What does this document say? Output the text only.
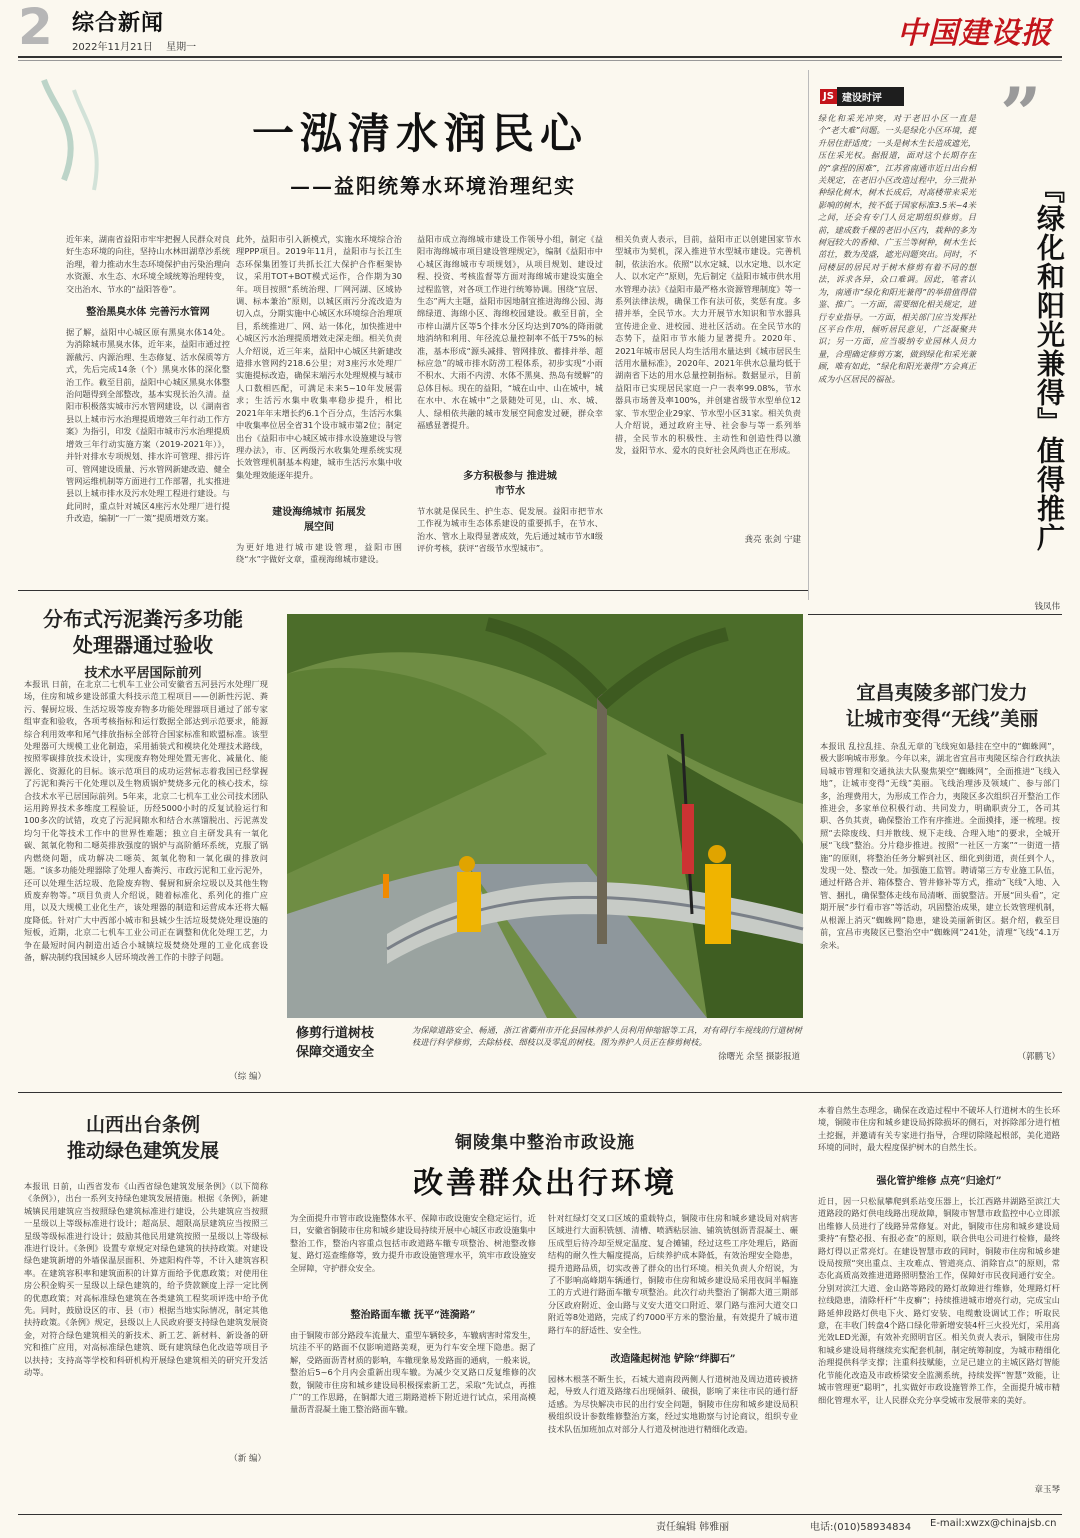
2 综合新闻
2022年11月21日 星期一	中国建设报
一泓清水润民心
——益阳统筹水环境治理纪实
近年来，湖南省益阳市牢牢把握人民群众对良好生态环境的向往，坚持山水林田湖草沙系统治理，着力推动水生态环境保护由污染治理向水资源、水生态、水环境全域统筹治理转变，交出治水、节水的“益阳答卷”。
整治黑臭水体 完善污水管网
据了解，益阳中心城区原有黑臭水体14处。为消除城市黑臭水体，近年来，益阳市通过控源截污、内源治理、生态修复、活水保质等方式，先后完成14条（个）黑臭水体的深化整治工作。截至目前，益阳中心城区黑臭水体整治问题得到全部整改，基本实现长治久清。益阳市积极落实城市污水管网建设，以《湖南省县以上城市污水治理提质增效三年行动工作方案》为指引，印发《益阳市城市污水治理提质增效三年行动实施方案（2019-2021年）》，并针对排水专项规划、排水许可管理、排污许可、管网建设质量、污水管网新建改造、健全管网运维机制等方面进行工作部署，扎实推进县以上城市排水及污水处理工程进行建设。与此同时，重点针对城区4座污水处理厂进行提升改造，编制“一厂一策”提质增效方案。
此外，益阳市引入新模式，实施水环境综合治理PPP项目。2019年11月，益阳市与长江生态环保集团签订共抓长江大保护合作框架协议，采用TOT+BOT模式运作，合作期为30年。项目按照“系统治理、厂网河湖、区域协调、标本兼治”原则，以城区雨污分流改造为切入点，分期实施中心城区水环境综合治理项目，系统推进厂、网、站一体化，加快推进中心城区污水治理提质增效走深走细。相关负责人介绍说，近三年来，益阳中心城区共新建改造排水管网约218.6公里；对3座污水处理厂实施提标改造，确保末端污水处理规模与城市人口数相匹配，可满足未来5~10年发展需求；生活污水集中收集率稳步提升，相比2021年年末增长约6.1个百分点，生活污水集中收集率位居全省31个设市城市第2位；制定出台《益阳市中心城区城市排水设施建设与管理办法》，市、区两级污水收集处理系统实现长效管理机制基本构建，城市生活污水集中收集处理效能逐年提升。
建设海绵城市 拓展发展空间
为更好地进行城市建设管理，益阳市围绕“水”字做好文章，重视海绵城市建设。
益阳市成立海绵城市建设工作领导小组，制定《益阳市海绵城市项目建设管理规定》，编制《益阳市中心城区海绵城市专项规划》，从项目规划、建设过程、投资、考核监督等方面对海绵城市建设实施全过程监管，对各项工作进行统筹协调。围绕“宜居、生态”两大主题，益阳市因地制宜推进海绵公园、海绵绿道、海绵小区、海绵校园建设。截至目前，全市梓山湖片区等5个排水分区均达到70%的降雨就地消纳和利用、年径流总量控制率不低于75%的标准，基本形成“源头减排、管网排放、蓄排并举、超标应急”的城市排水防涝工程体系，初步实现“小雨不积水、大雨不内涝、水体不黑臭、热岛有缓解”的总体目标。现在的益阳，“城在山中、山在城中，城在水中、水在城中”之景随处可见，山、水、城、人、绿相依共融的城市发展空间愈发过硬，群众幸福感显著提升。
多方积极参与 推进城市节水
节水就是保民生、护生态、促发展。益阳市把节水工作视为城市生态体系建设的重要抓手，在节水、治水、管水上取得显著成效，先后通过城市节水Ⅱ级评价考核，获评“省级节水型城市”。
相关负责人表示，目前，益阳市正以创建国家节水型城市为契机，深入推进节水型城市建设。完善机制，依法治水。依照“以水定城、以水定地、以水定人、以水定产”原则，先后制定《益阳市城市供水用水管理办法》《益阳市最严格水资源管理制度》等一系列法律法规，确保工作有法可依，奖惩有度。多措并举，全民节水。大力开展节水知识和节水器具宣传进企业、进校园、进社区活动。在全民节水的态势下，益阳市节水能力显著提升。2020年、2021年城市居民人均生活用水量达到《城市居民生活用水量标准》，2020年、2021年供水总量均低于湖南省下达的用水总量控制指标。数据显示，目前益阳市已实现居民家庭一户一表率99.08%，节水器具市场普及率100%，并创建省级节水型单位12家、节水型企业29家、节水型小区31家。相关负责人介绍说，通过政府主导、社会参与等一系列举措，全民节水的积极性、主动性和创造性得以激发，益阳节水、爱水的良好社会风尚也正在形成。
龚亮 张剑 宁建
JS 建设时评	”
绿化和采光冲突，对于老旧小区一直是个“老大难”问题。一头是绿化小区环境，提升居住舒适度；一头是树木生长造成遮光，压住采光权。据报道，面对这个长期存在的“拿捏的困难”，江苏省南通市近日出台相关规定，在老旧小区改造过程中，分三批补种绿化树木，树木长成后，对高楼带来采光影响的树木，按不低于国家标准3.5米~4米之间，还会有专门人员定期组织修剪。目前，建成数千棵的老旧小区内，栽种的多为树冠较大的香樟、广玉兰等树种，树木生长茁壮，数为茂盛，遮光问题突出。同时，不同楼层的居民对于树木修剪有着不同的想法，诉求各异，众口难调。因此，笔者认为，南通市“绿化和阳光兼得”的举措值得借鉴、推广。一方面，需要细化相关规定，进行专业指导。一方面，相关部门应当发挥社区平台作用，倾听居民意见，广泛凝聚共识；另一方面，应当吸纳专业园林人员力量，合理确定修剪方案，做到绿化和采光兼顾，唯有如此，“绿化和阳光兼得”方会真正成为小区居民的福祉。	『绿化和阳光兼得』值得推广
钱凤伟
分布式污泥粪污多功能
处理器通过验收
技术水平居国际前列
本报讯 日前，在北京二七机车工业公司安徽省五河县污水处理厂现场，住房和城乡建设部重大科技示范工程项目——创新性污泥、粪污、餐厨垃圾、生活垃圾等废弃物多功能处理器项目通过了部专家组审查和验收，各项考核指标和运行数据全部达到示范要求，能源综合利用效率和尾气排放指标全部符合国家标准和欧盟标准。该型处理器可大规模工业化制造，采用插装式和模块化处理技术路线，按照零碳排放技术设计，实现废弃物处理处置无害化、减量化、能源化、资源化的目标。该示范项目的成功运营标志着我国已经掌握了污泥和粪污干化处理以及生物质锅炉焚烧多元化的核心技术，综合技术水平已居国际前列。5年来，北京二七机车工业公司技术团队运用跨界技术多维度工程验证，历经5000小时的反复试验运行和100多次的试错，攻克了污泥间隙水和结合水蒸馏脱出、污泥蒸发均匀干化等技术工作中的世界性难题；独立自主研发具有一氧化碳、氮氧化物和二噁英排放强度的锅炉与高阶循环系统，克服了锅内燃烧问题，成功解决二噁英、氮氧化物和一氧化碳的排放问题。“该多功能处理器除了处理人畜粪污、市政污泥和工业污泥外，还可以处理生活垃圾、危险废弃物、餐厨和厨余垃圾以及其他生物质废弃物等。”项目负责人介绍说，随着标准化、系列化的推广应用，以及大规模工业化生产，该处理器的制造和运营成本还将大幅度降低。针对广大中西部小城市和县城少生活垃圾焚烧处理设施的短板，近期，北京二七机车工业公司正在调整和优化处理工艺，力争在最短时间内制造出适合小城镇垃圾焚烧处理的工业化成套设备，解决制约我国城乡人居环境改善工作的卡脖子问题。
（综 编）
修剪行道树枝
保障交通安全
为保障道路安全、畅通，浙江省衢州市开化县园林养护人员利用伸缩锯等工具，对有碍行车视线的行道树树枝进行科学修剪，去除枯枝、细枝以及零乱的树枝。图为养护人员正在修剪树枝。
徐曙光 余坚 摄影报道
宜昌夷陵多部门发力
让城市变得“无线”美丽
本报讯 乱拉乱挂、杂乱无章的飞线宛如悬挂在空中的“蜘蛛网”，极大影响城市形象。今年以来，湖北省宜昌市夷陵区综合行政执法局城市管理和交通执法大队聚焦架空“蜘蛛网”，全面推进“飞线入地”，让城市变得“无线”美丽。飞线治理涉及领域广、参与部门多，治理费用大，为形成工作合力，夷陵区多次组织召开整治工作推进会，多家单位积极行动、共同发力，明确职责分工，各司其职、各负其责，确保整治工作有序推进。全面摸排，逐一梳理。按照“去除废线、归并散线、规下走线、合理入地”的要求，全城开展“飞线”整治。分片稳步推进。按照“一社区一方案”“一街道一措施”的原则，将整治任务分解到社区、细化到街道，责任到个人，发现一处、整改一处。加强施工监管。聘请第三方专业施工队伍，通过杆路合并、箱体整合、管井修补等方式，推动“飞线”入地、入管、捆扎，确保整体走线布局清晰、面貌整洁。开展“回头看”，定期开展“步行看市容”等活动，巩固整治成果，建立长效管理机制，从根源上消灭“蜘蛛网”隐患，建设美丽新街区。据介绍，截至目前，宜昌市夷陵区已整治空中“蜘蛛网”241处，清理“飞线”4.1万余米。
（郭鹏飞）
山西出台条例
推动绿色建筑发展
本报讯 日前，山西省发布《山西省绿色建筑发展条例》（以下简称《条例》），出台一系列支持绿色建筑发展措施。根据《条例》，新建城镇民用建筑应当按照绿色建筑标准进行建设，公共建筑应当按照一星级以上等级标准进行设计；超高层、超限高层建筑应当按照三星级等级标准进行设计；鼓励其他民用建筑按照一星级以上等级标准进行设计。《条例》设置专章规定对绿色建筑的扶持政策。对建设绿色建筑新增的外墙保温层面积、外遮阳构件等，不计入建筑容积率。在建筑容积率和建筑面积的计算方面给予优惠政策；对使用住房公积金购买一星级以上绿色建筑的，给予贷款额度上浮一定比例的优惠政策；对高标准绿色建筑在各类建筑工程奖项评选中给予优先。同时，鼓励设区的市、县（市）根据当地实际情况，制定其他扶持政策。《条例》规定，县级以上人民政府要支持绿色建筑发展资金，对符合绿色建筑相关的新技术、新工艺、新材料、新设备的研究和推广应用，对高标准绿色建筑、既有建筑绿色化改造等项目予以扶持；支持高等学校和科研机构开展绿色建筑相关的研究开发活动等。
（新 编）
铜陵集中整治市政设施
改善群众出行环境
为全面提升市管市政设施整体水平、保障市政设施安全稳定运行，近日，安徽省铜陵市住房和城乡建设局持续开展中心城区市政设施集中整治工作，整治内容重点包括市政道路车辙专项整治、树池整改修复、路灯巡查维修等，致力提升市政设施管理水平，筑牢市政设施安全屏障，守护群众安全。
整治路面车辙 抚平“涟漪路”
由于铜陵市部分路段车流量大、重型车辆较多，车辙病害时常发生，坑洼不平的路面不仅影响道路美观，更为行车安全埋下隐患。据了解，受路面沥青材质的影响，车辙现象易发路面的通病，一般来说，整治后5~6个月内会重新出现车辙。为减少交叉路口反复维修的次数，铜陵市住房和城乡建设局积极探索新工艺，采取“先试点，再推广”的工作思路，在铜都大道三期路道桥下附近进行试点，采用高模量沥青混凝土施工整治路面车辙。
针对红绿灯交叉口区域的重载特点，铜陵市住房和城乡建设局对病害区域进行大面积铣刨、清槽、喷洒粘层油、铺筑铣刨沥青混凝土、碾压成型后待冷却至规定温度、复合摊铺，经过这些工序处理后，路面结构的耐久性大幅度提高，后续养护成本降低，有效治理安全隐患，提升道路品质，切实改善了群众的出行环境。相关负责人介绍说，为了不影响高峰期车辆通行，铜陵市住房和城乡建设局采用夜间半幅施工的方式进行路面车辙专项整治。此次行动共整治了铜都大道三期部分区政府附近、金山路与义安大道交口附近、翠门路与淮河大道交口附近等8处道路，完成了约7000平方米的整治量，有效提升了城市道路行车的舒适性、安全性。
改造隆起树池 铲除“绊脚石”
园林木根茎不断生长，石城大道南段两侧人行道树池及周边道砖被挤起，导致人行道及路缘石出现倾斜、破损，影响了来往市民的通行舒适感。为尽快解决市民的出行安全问题，铜陵市住房和城乡建设局积极组织设计参数维修整治方案，经过实地勘察与讨论商议，组织专业技术队伍加班加点对部分人行道及树池进行精细化改造。
本着自然生态理念，确保在改造过程中不破坏人行道树木的生长环境，铜陵市住房和城乡建设局拆除损坏的侧石，对拆除部分进行植土挖掘，并邀请有关专家进行指导，合理切除隆起根部，美化道路环境的同时，最大程度保护树木的自然生长。
强化管护维修 点亮“归途灯”
近日，因一只松鼠攀爬到系站变压器上，长江西路井湖路至滨江大道路段的路灯供电线路出现故障，铜陵市智慧市政监控中心立即派出维修人员进行了线路异常修复。对此，铜陵市住房和城乡建设局秉持“有整必报、有报必查”的原则，联合供电公司进行检修，最终路灯得以正常亮灯。在建设智慧市政的同时，铜陵市住房和城乡建设局按照“突出重点、主攻难点、管道亮点、消除盲点”的原则，常态化高质高效推进道路照明整治工作，保障好市民夜间通行安全。分别对滨江大道、金山路等路段的路灯故障进行维修，处理路灯杆拉线隐患，清除杆杆“牛皮癣”；持续推进城市增亮行动，完成宝山路延伸段路灯供电下火、路灯安装、电缆敷设调试工作；听取民意，在丰收门转盘4个路口绿化带新增安装4杆三火投光灯，采用高光效LED光源，有效补充照明盲区。相关负责人表示，铜陵市住房和城乡建设局将继续充实配套机制，制定统筹制度，为城市精细化治理提供科学支撑；注重科技赋能，立足已建立的主城区路灯智能化节能化改造及市政桥梁安全监测系统，持续发挥“智慧”效能，让城市管理更“聪明”，扎实做好市政设施管养工作，全面提升城市精细化管理水平，让人民群众充分享受城市发展带来的美好。
章玉琴
责任编辑 韩雅丽	电话:(010)58934834 E-mail:xwzx@chinajsb.cn
